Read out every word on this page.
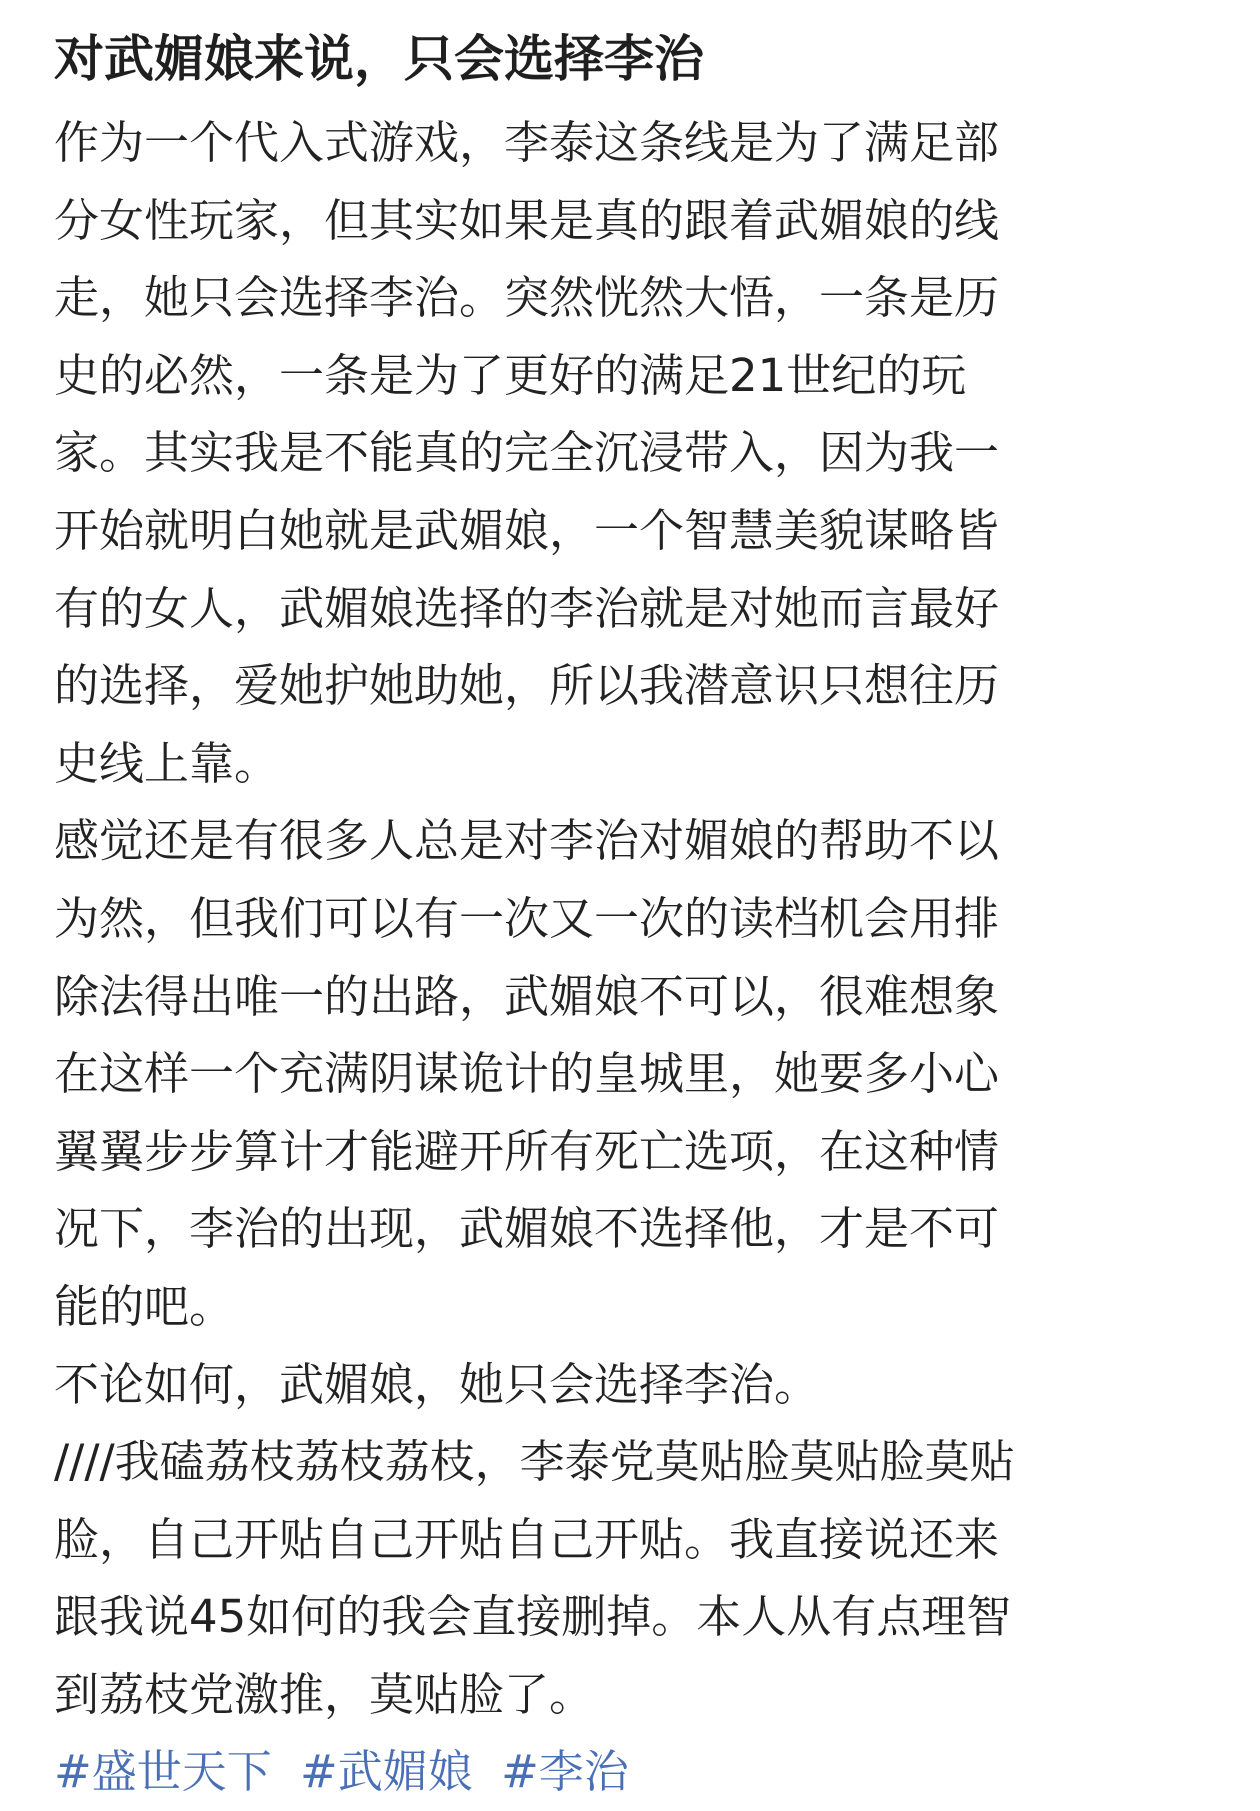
对武媚娘来说，只会选择李治
作为一个代入式游戏，李泰这条线是为了满足部
分女性玩家，但其实如果是真的跟着武媚娘的线
走，她只会选择李治。突然恍然大悟，一条是历
史的必然，一条是为了更好的满足21世纪的玩
家。其实我是不能真的完全沉浸带入，因为我一
开始就明白她就是武媚娘，一个智慧美貌谋略皆
有的女人，武媚娘选择的李治就是对她而言最好
的选择，爱她护她助她，所以我潜意识只想往历
史线上靠。
感觉还是有很多人总是对李治对媚娘的帮助不以
为然，但我们可以有一次又一次的读档机会用排
除法得出唯一的出路，武媚娘不可以，很难想象
在这样一个充满阴谋诡计的皇城里，她要多小心
翼翼步步算计才能避开所有死亡选项，在这种情
况下，李治的出现，武媚娘不选择他，才是不可
能的吧。
不论如何，武媚娘，她只会选择李治。
////我磕荔枝荔枝荔枝，李泰党莫贴脸莫贴脸莫贴
脸，自己开贴自己开贴自己开贴。我直接说还来
跟我说45如何的我会直接删掉。本人从有点理智
到荔枝党激推，莫贴脸了。
#盛世天下 #武媚娘 #李治
